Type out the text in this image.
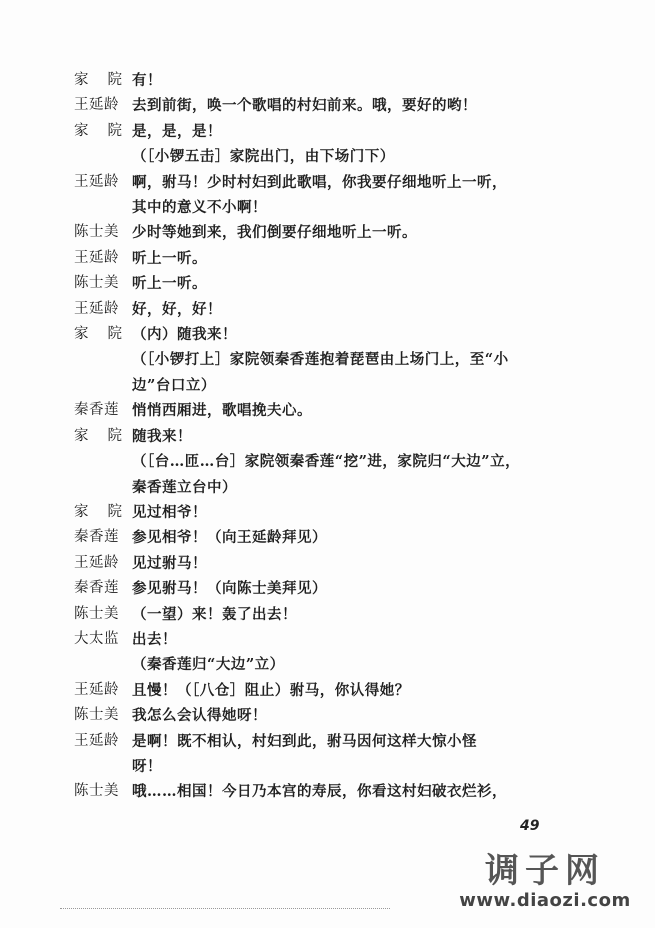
家院
有！
王延龄 去到前街，唤一个歌唱的村妇前来。哦，要好的哟！
家院
是，是，是！
（［小锣五击］家院出门，由下场门下）
王延龄 啊，驸马！少时村妇到此歌唱，你我要仔细地听上一听，
其中的意义不小啊！
陈士美 少时等她到来，我们倒要仔细地听上一听。
王延龄 听上一听。
陈士美 听上一听。
王延龄 好，好，好！
家院
（内）随我来！
（［小锣打上］家院领秦香莲抱着琵琶由上场门上，至“小
边”台口立）
秦香莲 悄悄西厢进，歌唱挽夫心。
家院
随我来！
（［台…匝…台］家院领秦香莲“挖”进，家院归“大边”立，
秦香莲立台中）
家院
见过相爷！
秦香莲 参见相爷！（向王延龄拜见）
王延龄 见过驸马！
秦香莲 参见驸马！（向陈士美拜见）
陈士美 （一望）来！轰了出去！
大太监 出去！
（秦香莲归“大边”立）
王延龄 且慢！（［八仓］阻止）驸马，你认得她？
陈士美 我怎么会认得她呀！
王延龄 是啊！既不相认，村妇到此，驸马因何这样大惊小怪
呀！
陈士美 哦……相国！今日乃本宫的寿辰，你看这村妇破衣烂衫，
49
调子网
www.diaozi.com
